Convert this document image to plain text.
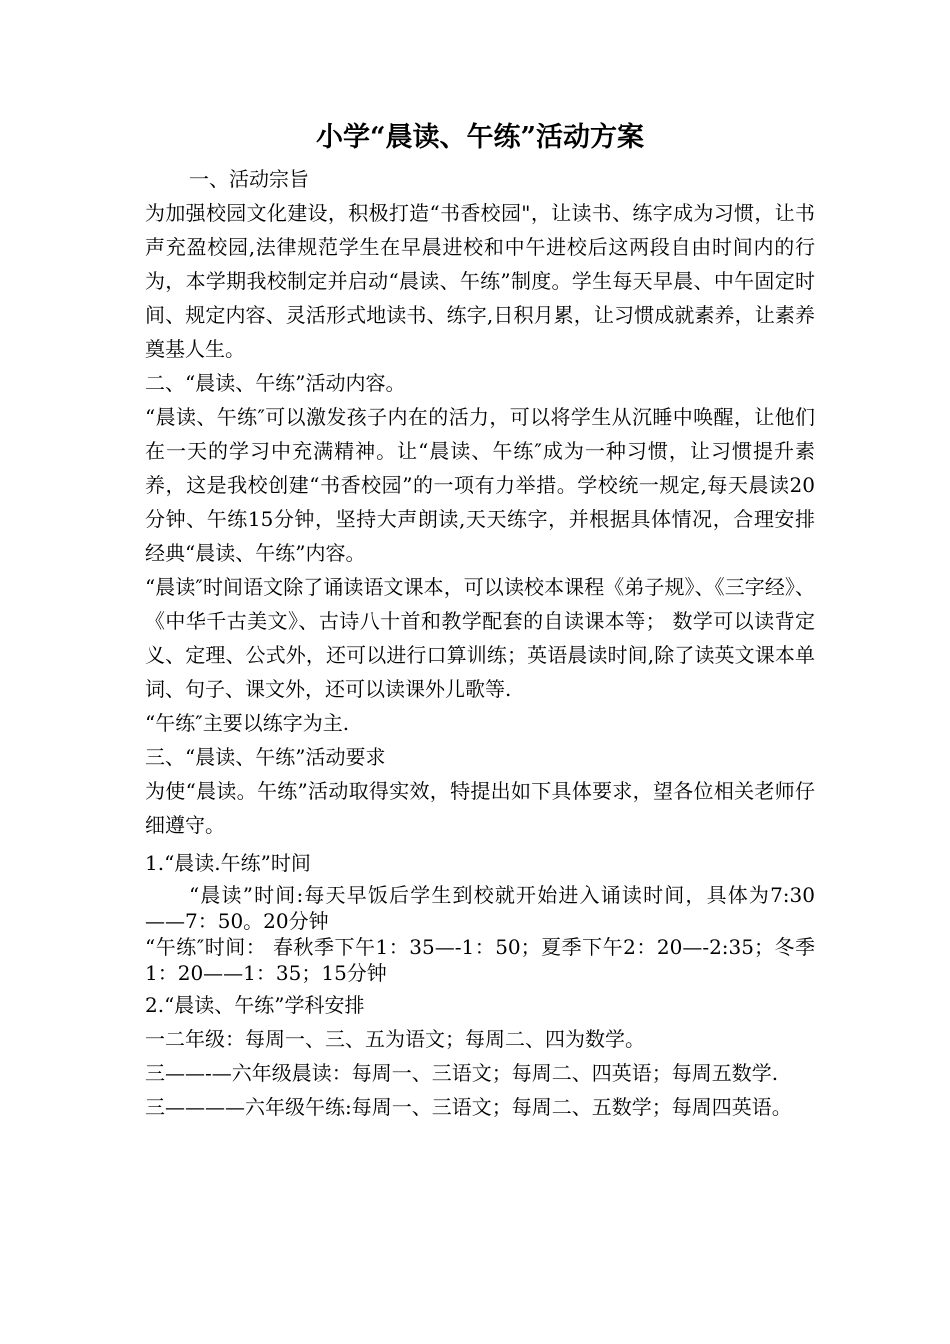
小学“晨读、午练”活动方案

一、活动宗旨

为加强校园文化建设，积极打造“书香校园"，让读书、练字成为习惯，让书声充盈校园,法律规范学生在早晨进校和中午进校后这两段自由时间内的行为，本学期我校制定并启动“晨读、午练”制度。学生每天早晨、中午固定时间、规定内容、灵活形式地读书、练字,日积月累，让习惯成就素养，让素养奠基人生。

二、“晨读、午练”活动内容。

“晨读、午练″可以激发孩子内在的活力，可以将学生从沉睡中唤醒，让他们在一天的学习中充满精神。让“晨读、午练″成为一种习惯，让习惯提升素养，这是我校创建“书香校园”的一项有力举措。学校统一规定,每天晨读20分钟、午练15分钟，坚持大声朗读,天天练字，并根据具体情况，合理安排经典“晨读、午练”内容。

“晨读″时间语文除了诵读语文课本，可以读校本课程《弟子规》、《三字经》、《中华千古美文》、古诗八十首和教学配套的自读课本等； 数学可以读背定义、定理、公式外，还可以进行口算训练；英语晨读时间,除了读英文课本单词、句子、课文外，还可以读课外儿歌等.

“午练″主要以练字为主.

三、“晨读、午练”活动要求

为使“晨读。午练”活动取得实效，特提出如下具体要求，望各位相关老师仔细遵守。

1.“晨读.午练”时间

“晨读”时间:每天早饭后学生到校就开始进入诵读时间，具体为7:30——7：50。20分钟

“午练″时间： 春秋季下午1：35—-1：50；夏季下午2：20—-2:35；冬季1：20——1：35；15分钟

2.“晨读、午练”学科安排

一二年级：每周一、三、五为语文；每周二、四为数学。

三——-—六年级晨读：每周一、三语文；每周二、四英语；每周五数学.

三————六年级午练:每周一、三语文；每周二、五数学；每周四英语。
